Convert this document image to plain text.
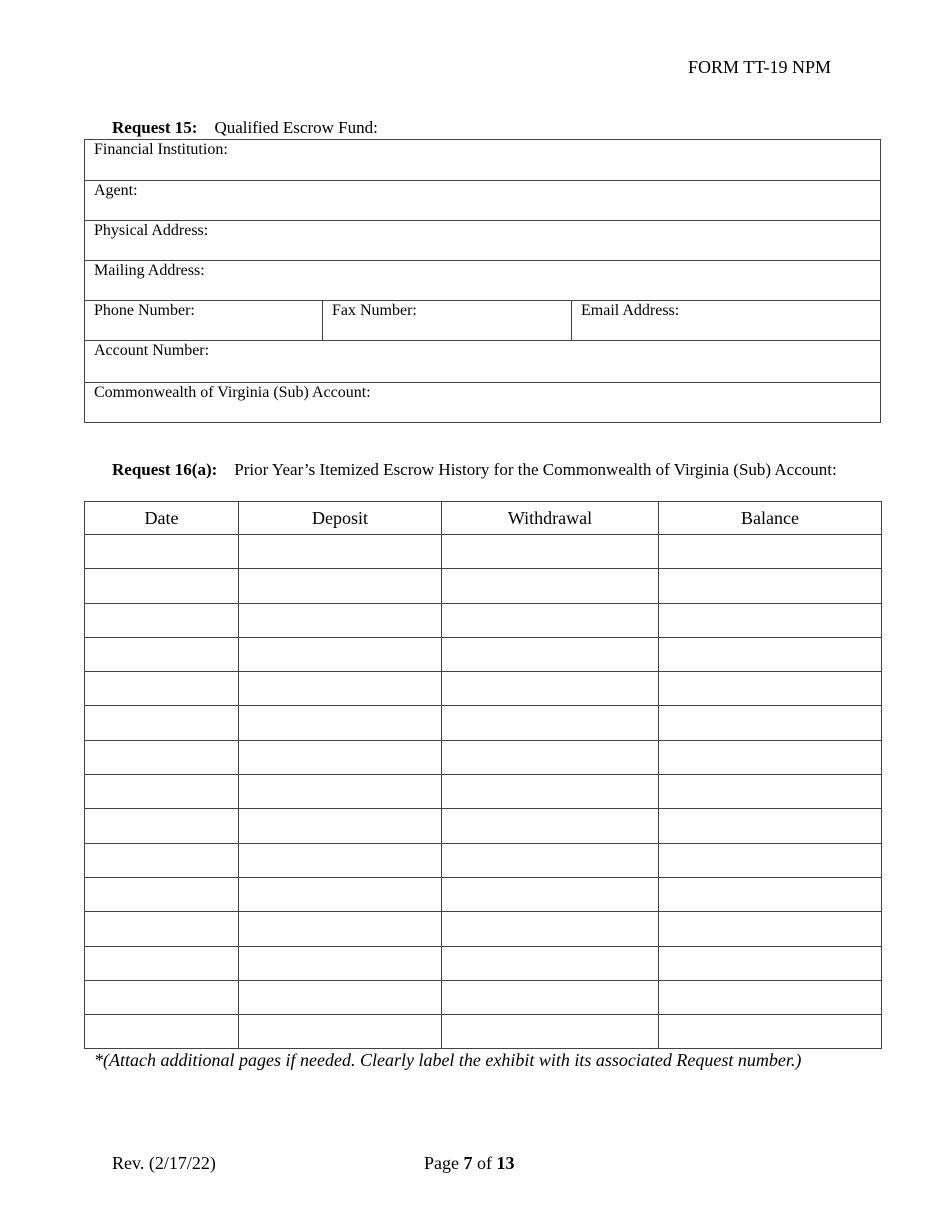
FORM TT-19 NPM
Request 15: Qualified Escrow Fund:
Financial Institution:
Agent:
Physical Address:
Mailing Address:
Phone Number:	Fax Number:	Email Address:
Account Number:
Commonwealth of Virginia (Sub) Account:
Request 16(a): Prior Year’s Itemized Escrow History for the Commonwealth of Virginia (Sub) Account:
Date	Deposit	Withdrawal	Balance

*(Attach additional pages if needed. Clearly label the exhibit with its associated Request number.)
Rev. (2/17/22)	Page 7 of 13
